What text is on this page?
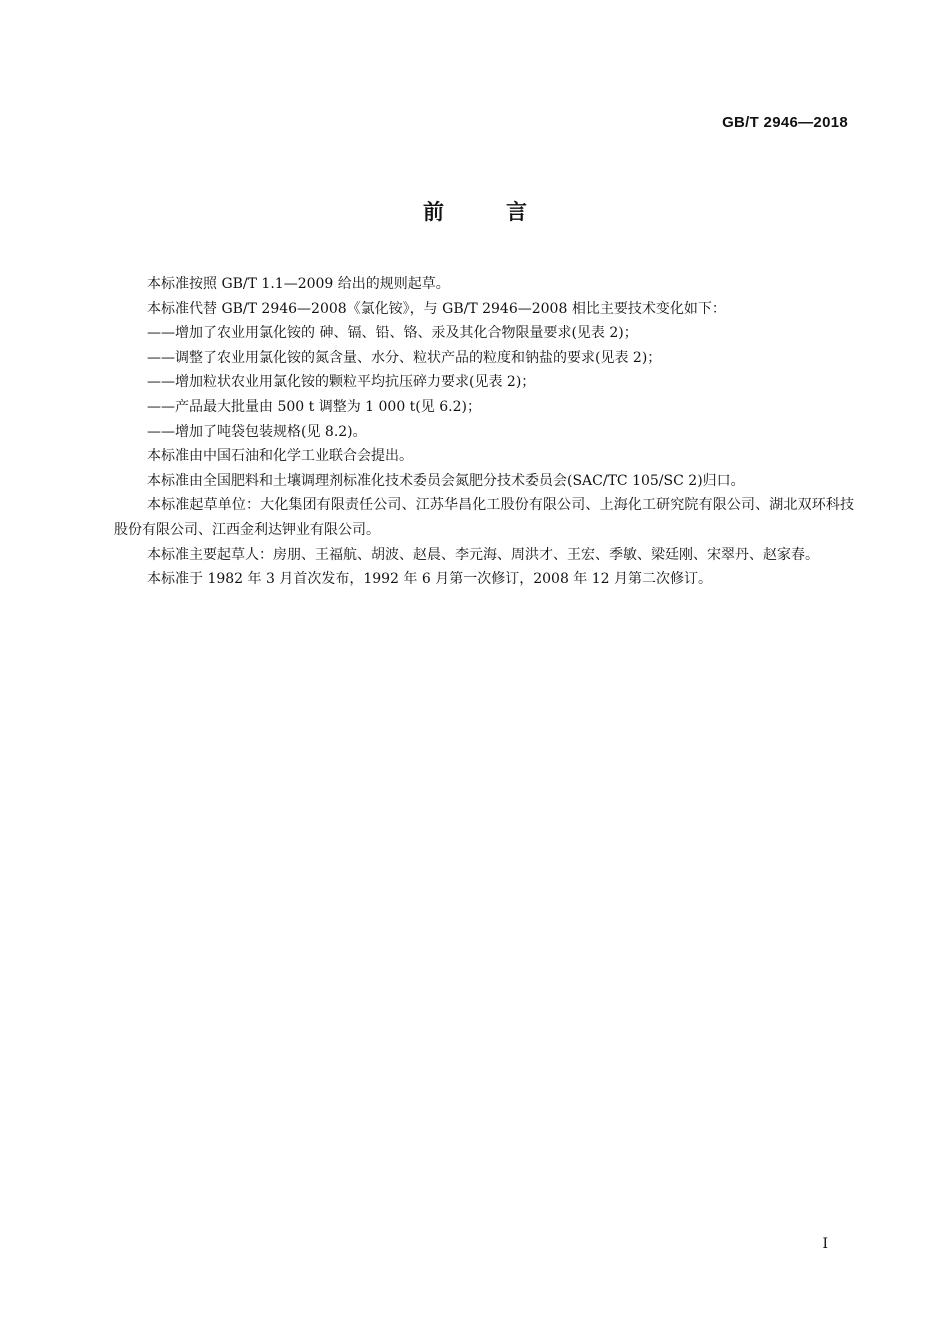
GB/T 2946—2018
前	言

本标准按照 GB/T 1.1—2009 给出的规则起草。

本标准代替 GB/T 2946—2008《氯化铵》，与 GB/T 2946—2008 相比主要技术变化如下：

——增加了农业用氯化铵的 砷、镉、铅、铬、汞及其化合物限量要求(见表 2)；

——调整了农业用氯化铵的氮含量、水分、粒状产品的粒度和钠盐的要求(见表 2)；

——增加粒状农业用氯化铵的颗粒平均抗压碎力要求(见表 2)；

——产品最大批量由 500 t 调整为 1 000 t(见 6.2)；

——增加了吨袋包装规格(见 8.2)。

本标准由中国石油和化学工业联合会提出。

本标准由全国肥料和土壤调理剂标准化技术委员会氮肥分技术委员会(SAC/TC 105/SC 2)归口。

本标准起草单位：大化集团有限责任公司、江苏华昌化工股份有限公司、上海化工研究院有限公司、湖北双环科技股份有限公司、江西金利达钾业有限公司。

本标准主要起草人：房朋、王福航、胡波、赵晨、李元海、周洪才、王宏、季敏、梁廷刚、宋翠丹、赵家春。

本标准于 1982 年 3 月首次发布，1992 年 6 月第一次修订，2008 年 12 月第二次修订。

I
